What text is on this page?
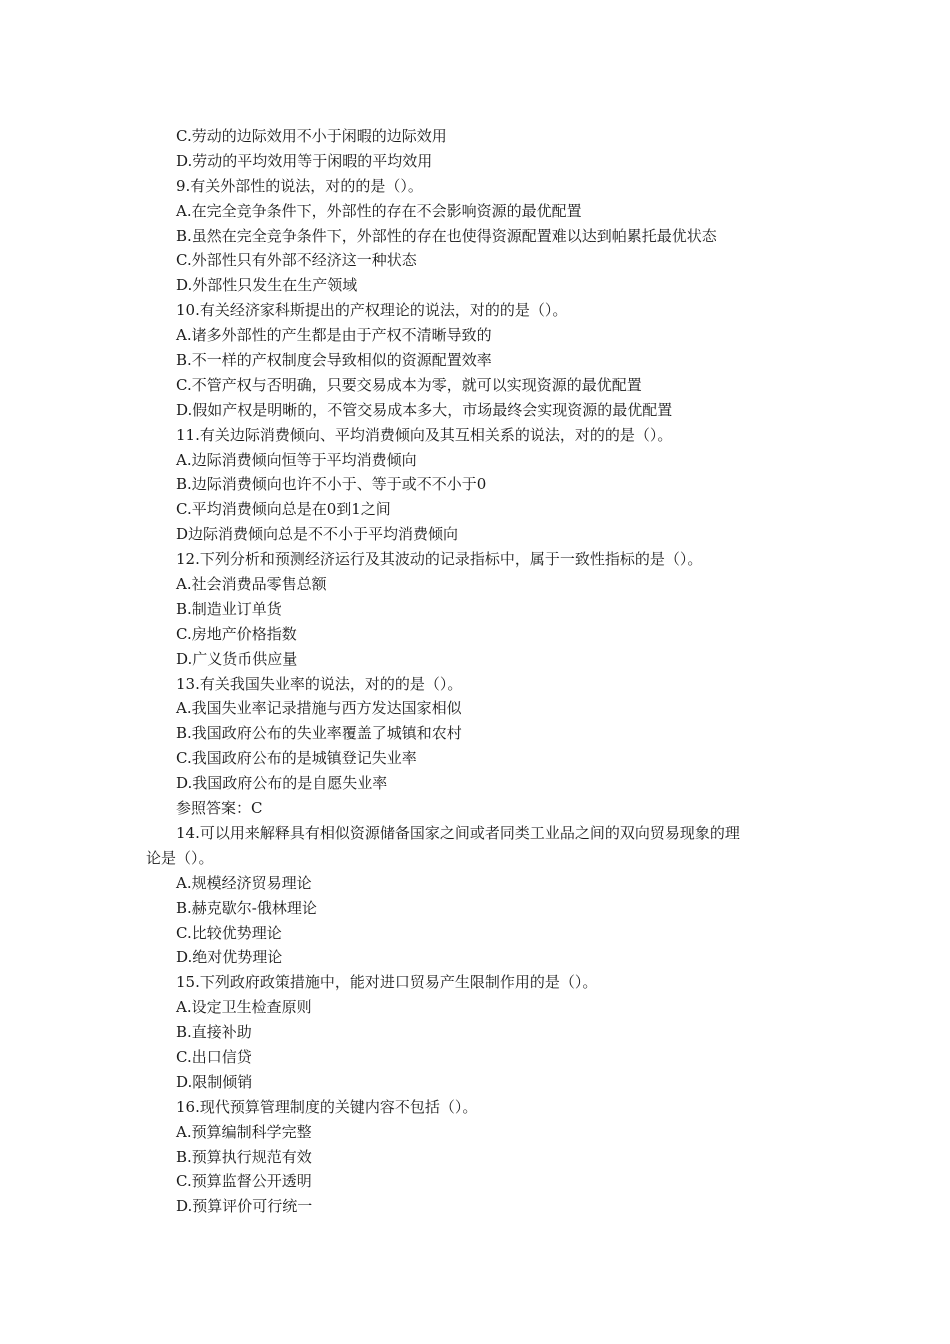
C.劳动的边际效用不小于闲暇的边际效用
D.劳动的平均效用等于闲暇的平均效用
9.有关外部性的说法，对的的是（）。
A.在完全竞争条件下，外部性的存在不会影响资源的最优配置
B.虽然在完全竞争条件下，外部性的存在也使得资源配置难以达到帕累托最优状态
C.外部性只有外部不经济这一种状态
D.外部性只发生在生产领域
10.有关经济家科斯提出的产权理论的说法，对的的是（）。
A.诸多外部性的产生都是由于产权不清晰导致的
B.不一样的产权制度会导致相似的资源配置效率
C.不管产权与否明确，只要交易成本为零，就可以实现资源的最优配置
D.假如产权是明晰的，不管交易成本多大，市场最终会实现资源的最优配置
11.有关边际消费倾向、平均消费倾向及其互相关系的说法，对的的是（）。
A.边际消费倾向恒等于平均消费倾向
B.边际消费倾向也许不小于、等于或不不小于0
C.平均消费倾向总是在0到1之间
D边际消费倾向总是不不小于平均消费倾向
12.下列分析和预测经济运行及其波动的记录指标中，属于一致性指标的是（）。
A.社会消费品零售总额
B.制造业订单货
C.房地产价格指数
D.广义货币供应量
13.有关我国失业率的说法，对的的是（）。
A.我国失业率记录措施与西方发达国家相似
B.我国政府公布的失业率覆盖了城镇和农村
C.我国政府公布的是城镇登记失业率
D.我国政府公布的是自愿失业率
参照答案：C
14.可以用来解释具有相似资源储备国家之间或者同类工业品之间的双向贸易现象的理
论是（）。
A.规模经济贸易理论
B.赫克歇尔-俄林理论
C.比较优势理论
D.绝对优势理论
15.下列政府政策措施中，能对进口贸易产生限制作用的是（）。
A.设定卫生检查原则
B.直接补助
C.出口信贷
D.限制倾销
16.现代预算管理制度的关键内容不包括（）。
A.预算编制科学完整
B.预算执行规范有效
C.预算监督公开透明
D.预算评价可行统一
